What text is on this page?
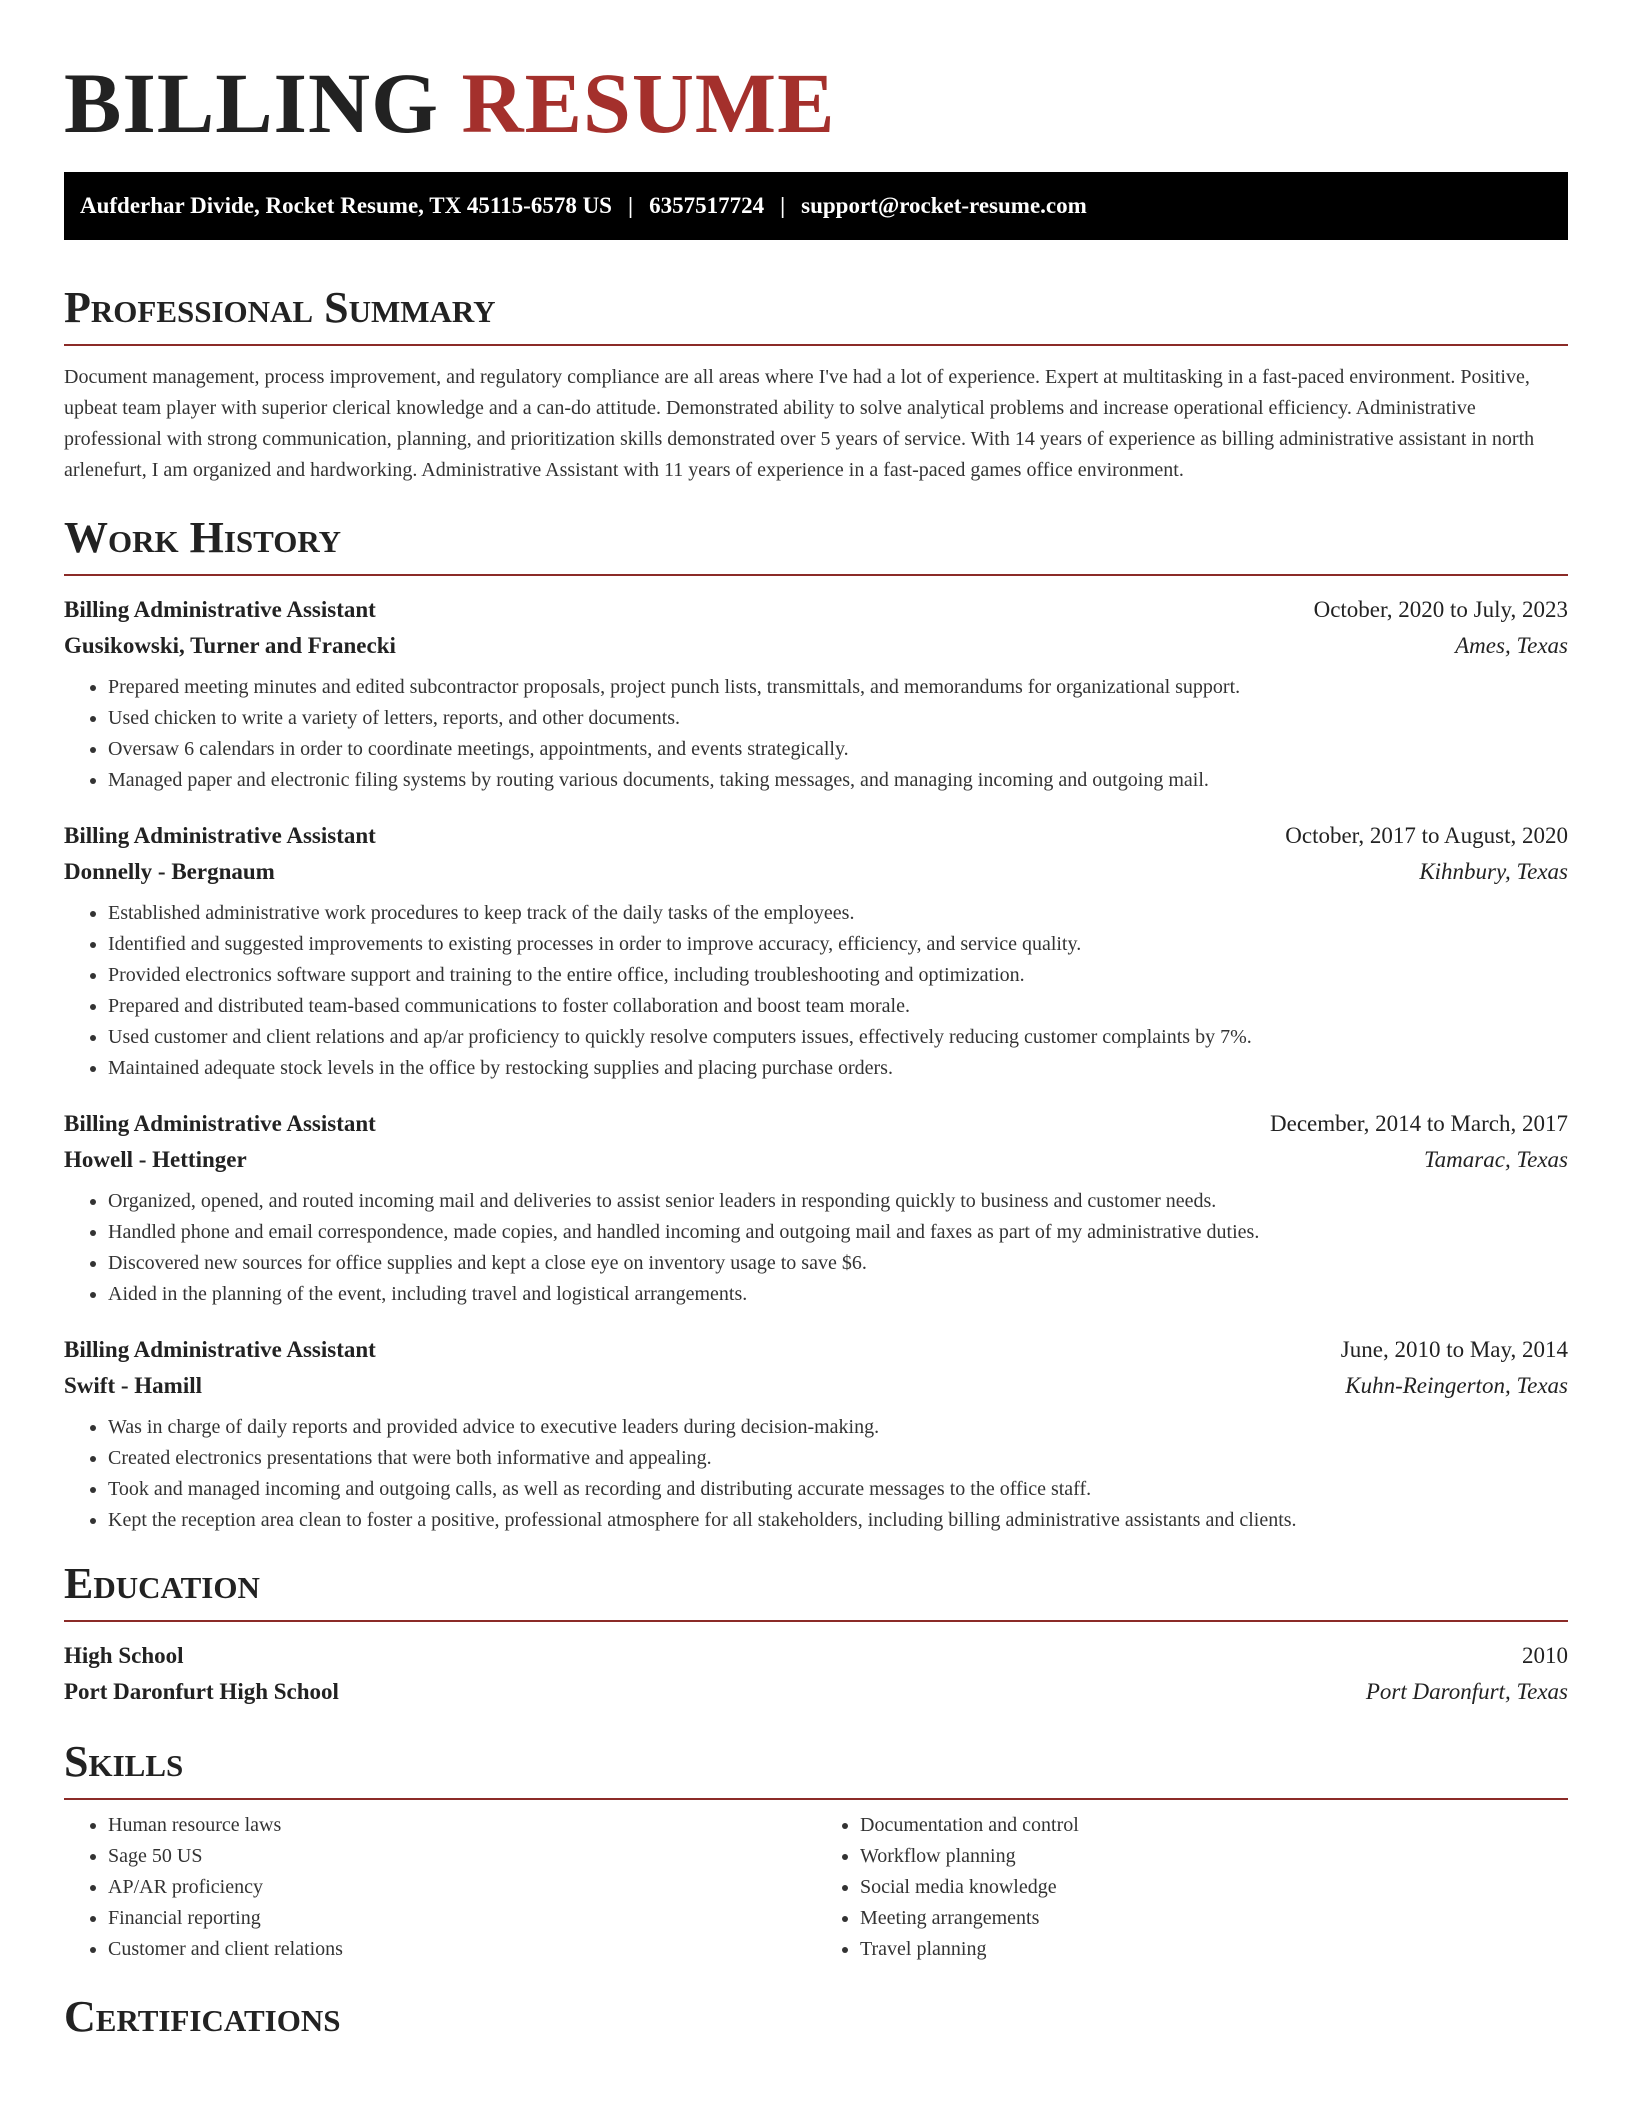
BILLING RESUME
Aufderhar Divide, Rocket Resume, TX 45115-6578 US | 6357517724 | support@rocket-resume.com
Professional Summary

Document management, process improvement, and regulatory compliance are all areas where I've had a lot of experience. Expert at multitasking in a fast-paced environment. Positive, upbeat team player with superior clerical knowledge and a can-do attitude. Demonstrated ability to solve analytical problems and increase operational efficiency. Administrative professional with strong communication, planning, and prioritization skills demonstrated over 5 years of service. With 14 years of experience as billing administrative assistant in north arlenefurt, I am organized and hardworking. Administrative Assistant with 11 years of experience in a fast-paced games office environment.

Work History
Billing Administrative Assistant	October, 2020 to July, 2023
Gusikowski, Turner and Franecki	Ames, Texas
• Prepared meeting minutes and edited subcontractor proposals, project punch lists, transmittals, and memorandums for organizational support.
• Used chicken to write a variety of letters, reports, and other documents.
• Oversaw 6 calendars in order to coordinate meetings, appointments, and events strategically.
• Managed paper and electronic filing systems by routing various documents, taking messages, and managing incoming and outgoing mail.
Billing Administrative Assistant	October, 2017 to August, 2020
Donnelly - Bergnaum	Kihnbury, Texas
• Established administrative work procedures to keep track of the daily tasks of the employees.
• Identified and suggested improvements to existing processes in order to improve accuracy, efficiency, and service quality.
• Provided electronics software support and training to the entire office, including troubleshooting and optimization.
• Prepared and distributed team-based communications to foster collaboration and boost team morale.
• Used customer and client relations and ap/ar proficiency to quickly resolve computers issues, effectively reducing customer complaints by 7%.
• Maintained adequate stock levels in the office by restocking supplies and placing purchase orders.
Billing Administrative Assistant	December, 2014 to March, 2017
Howell - Hettinger	Tamarac, Texas
• Organized, opened, and routed incoming mail and deliveries to assist senior leaders in responding quickly to business and customer needs.
• Handled phone and email correspondence, made copies, and handled incoming and outgoing mail and faxes as part of my administrative duties.
• Discovered new sources for office supplies and kept a close eye on inventory usage to save $6.
• Aided in the planning of the event, including travel and logistical arrangements.
Billing Administrative Assistant	June, 2010 to May, 2014
Swift - Hamill	Kuhn-Reingerton, Texas
• Was in charge of daily reports and provided advice to executive leaders during decision-making.
• Created electronics presentations that were both informative and appealing.
• Took and managed incoming and outgoing calls, as well as recording and distributing accurate messages to the office staff.
• Kept the reception area clean to foster a positive, professional atmosphere for all stakeholders, including billing administrative assistants and clients.
Education
High School	2010
Port Daronfurt High School	Port Daronfurt, Texas
Skills
• Human resource laws
• Sage 50 US
• AP/AR proficiency
• Financial reporting
• Customer and client relations
• Documentation and control
• Workflow planning
• Social media knowledge
• Meeting arrangements
• Travel planning
Certifications
